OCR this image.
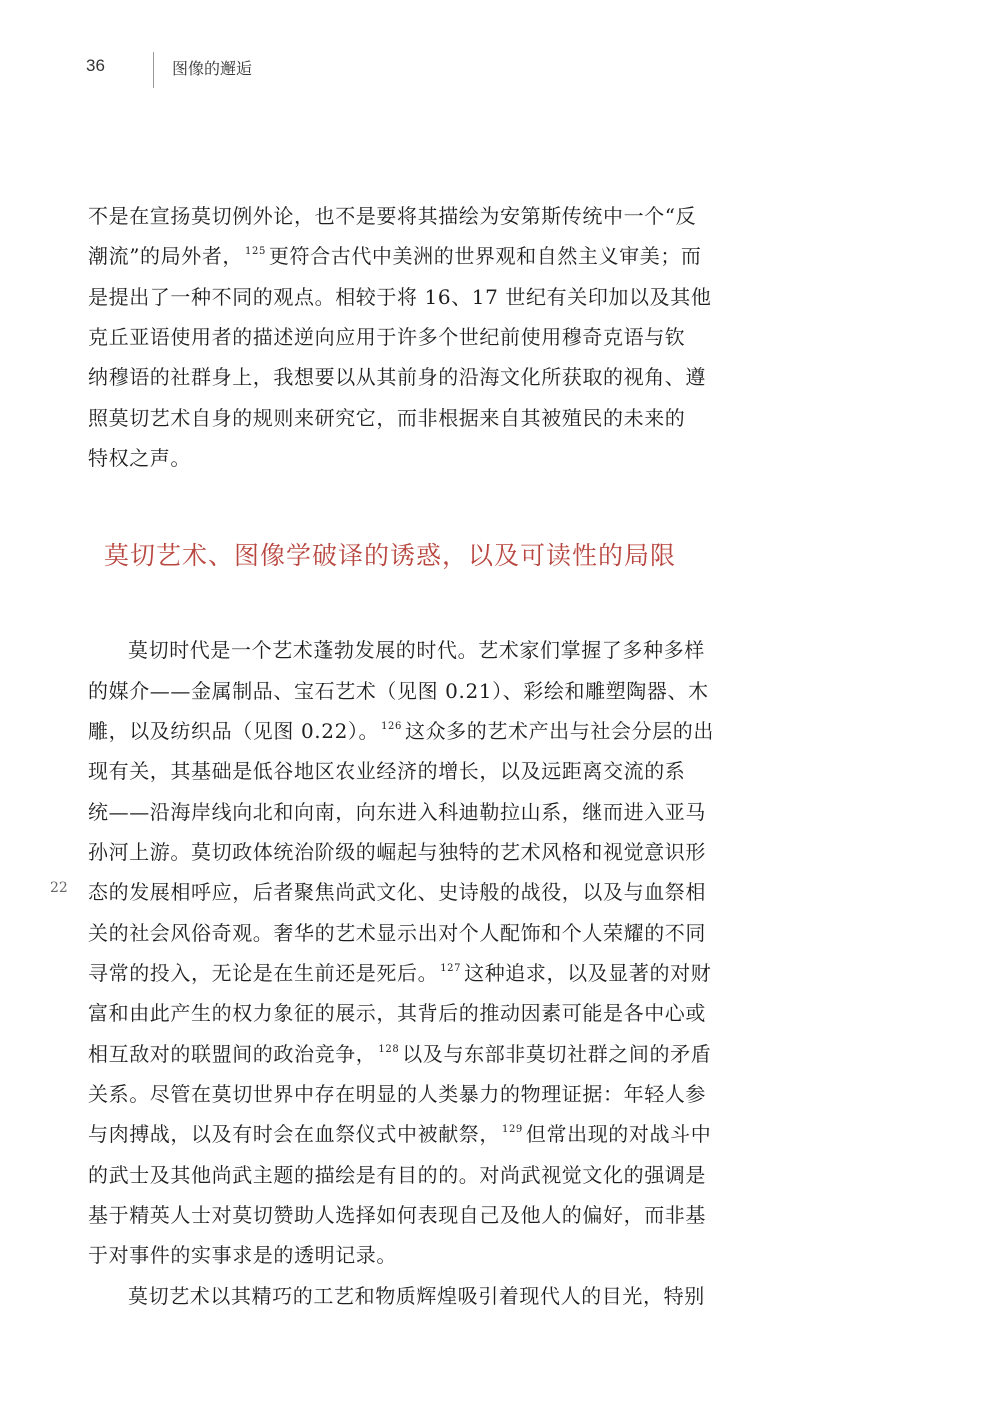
36	图像的邂逅

不是在宣扬莫切例外论，也不是要将其描绘为安第斯传统中一个“反

潮流”的局外者， $^{125}$ 更符合古代中美洲的世界观和自然主义审美；而

是提出了一种不同的观点。相较于将 16、17 世纪有关印加以及其他

克丘亚语使用者的描述逆向应用于许多个世纪前使用穆奇克语与钦

纳穆语的社群身上，我想要以从其前身的沿海文化所获取的视角、遵

照莫切艺术自身的规则来研究它，而非根据来自其被殖民的未来的

特权之声。

莫切艺术、图像学破译的诱惑，以及可读性的局限

莫切时代是一个艺术蓬勃发展的时代。艺术家们掌握了多种多样

的媒介——金属制品、宝石艺术（见图 0.21）、彩绘和雕塑陶器、木

雕，以及纺织品（见图 0.22）。 $^{126}$ 这众多的艺术产出与社会分层的出

现有关，其基础是低谷地区农业经济的增长，以及远距离交流的系

统——沿海岸线向北和向南，向东进入科迪勒拉山系，继而进入亚马

孙河上游。莫切政体统治阶级的崛起与独特的艺术风格和视觉意识形

态的发展相呼应，后者聚焦尚武文化、史诗般的战役，以及与血祭相

关的社会风俗奇观。奢华的艺术显示出对个人配饰和个人荣耀的不同

寻常的投入，无论是在生前还是死后。 $^{127}$ 这种追求，以及显著的对财

富和由此产生的权力象征的展示，其背后的推动因素可能是各中心或

相互敌对的联盟间的政治竞争， $^{128}$ 以及与东部非莫切社群之间的矛盾

关系。尽管在莫切世界中存在明显的人类暴力的物理证据：年轻人参

与肉搏战，以及有时会在血祭仪式中被献祭， $^{129}$ 但常出现的对战斗中

的武士及其他尚武主题的描绘是有目的的。对尚武视觉文化的强调是

基于精英人士对莫切赞助人选择如何表现自己及他人的偏好，而非基

于对事件的实事求是的透明记录。

莫切艺术以其精巧的工艺和物质辉煌吸引着现代人的目光，特别

22
